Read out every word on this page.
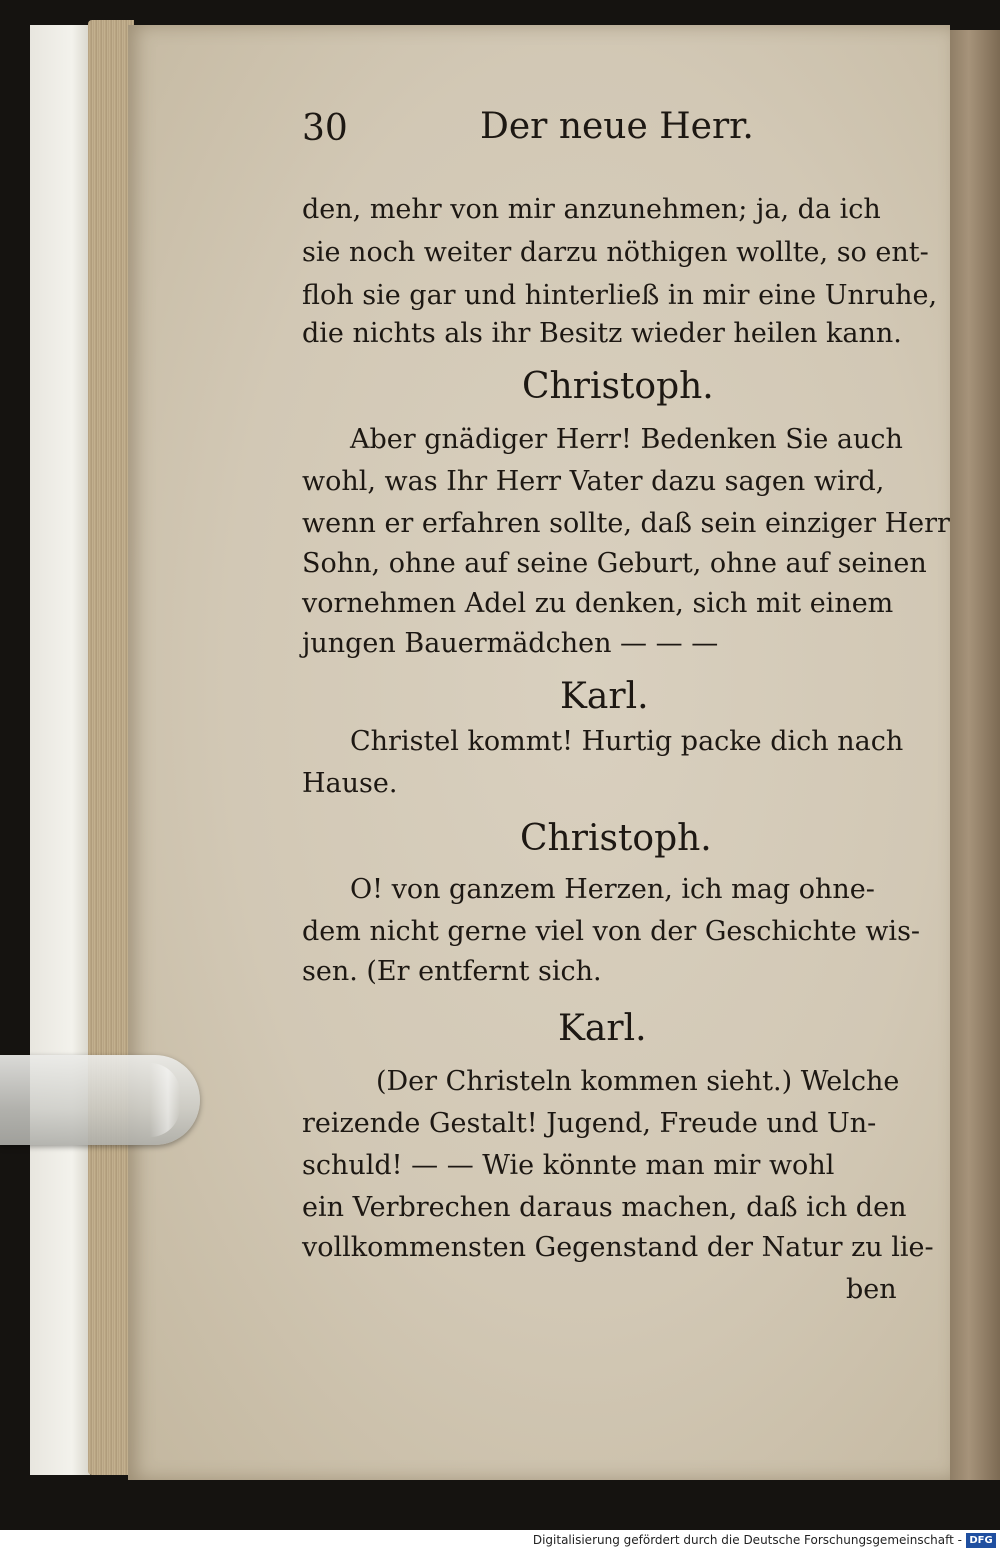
30	Der neue Herr.
den, mehr von mir anzunehmen; ja, da ich
sie noch weiter darzu nöthigen wollte, so ent-
floh sie gar und hinterließ in mir eine Unruhe,
die nichts als ihr Besitz wieder heilen kann.
Christoph.
Aber gnädiger Herr! Bedenken Sie auch
wohl, was Ihr Herr Vater dazu sagen wird,
wenn er erfahren sollte, daß sein einziger Herr
Sohn, ohne auf seine Geburt, ohne auf seinen
vornehmen Adel zu denken, sich mit einem
jungen Bauermädchen — — —
Karl.
Christel kommt! Hurtig packe dich nach
Hause.
Christoph.
O! von ganzem Herzen, ich mag ohne-
dem nicht gerne viel von der Geschichte wis-
sen. (Er entfernt sich.
Karl.
(Der Christeln kommen sieht.) Welche
reizende Gestalt! Jugend, Freude und Un-
schuld! — — Wie könnte man mir wohl
ein Verbrechen daraus machen, daß ich den
vollkommensten Gegenstand der Natur zu lie-
ben
Digitalisierung gefördert durch die Deutsche Forschungsgemeinschaft - DFG
